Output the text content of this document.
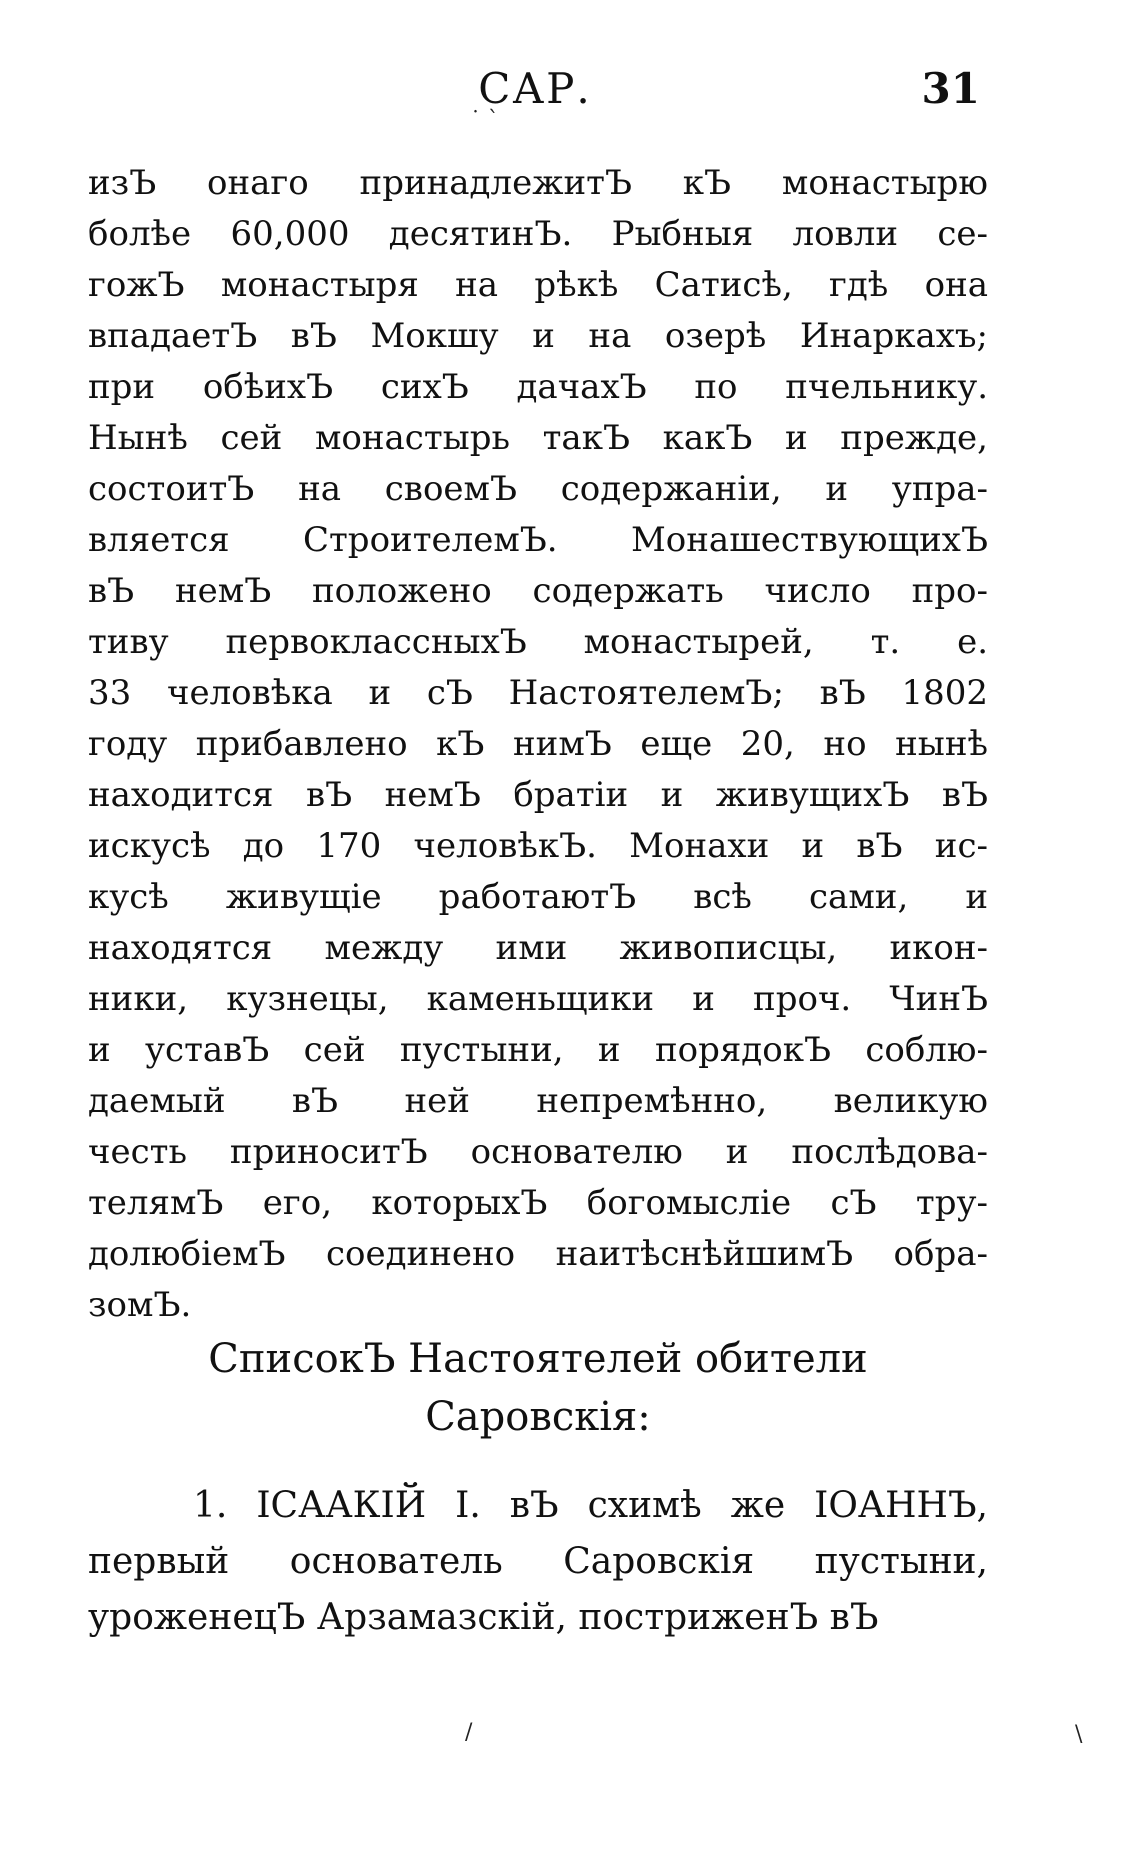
САР.	31
изЪ онаго принадлежитЪ кЪ монастырю
болѣе 60,000 десятинЪ. Рыбныя ловли се-
гожЪ монастыря на рѣкѣ Сатисѣ, гдѣ она
впадаетЪ вЪ Мокшу и на озерѣ Инаркахъ;
при обѣихЪ сихЪ дачахЪ по пчельнику.
Нынѣ сей монастырь такЪ какЪ и прежде,
состоитЪ на своемЪ содержанiи, и упра-
вляется СтроителемЪ. МонашествующихЪ
вЪ немЪ положено содержать число про-
тиву первоклассныхЪ монастырей, т. е.
33 человѣка и сЪ НастоятелемЪ; вЪ 1802
году прибавлено кЪ нимЪ еще 20, но нынѣ
находится вЪ немЪ братiи и живущихЪ вЪ
искусѣ до 170 человѣкЪ. Монахи и вЪ ис-
кусѣ живущiе работаютЪ всѣ сами, и
находятся между ими живописцы, икон-
ники, кузнецы, каменьщики и проч. ЧинЪ
и уставЪ сей пустыни, и порядокЪ соблю-
даемый вЪ ней непремѣнно, великую
честь приноситЪ основателю и послѣдова-
телямЪ его, которыхЪ богомыслiе сЪ тру-
долюбiемЪ соединено наитѣснѣйшимЪ обра-
зомЪ.
СписокЪ Настоятелей обители
Саровскiя:
1. IСААКIЙ I. вЪ схимѣ же IОАННЪ,
первый основатель Саровскiя пустыни,
уроженецЪ Арзамазскiй, постриженЪ вЪ
˙ ˋ
/	\
